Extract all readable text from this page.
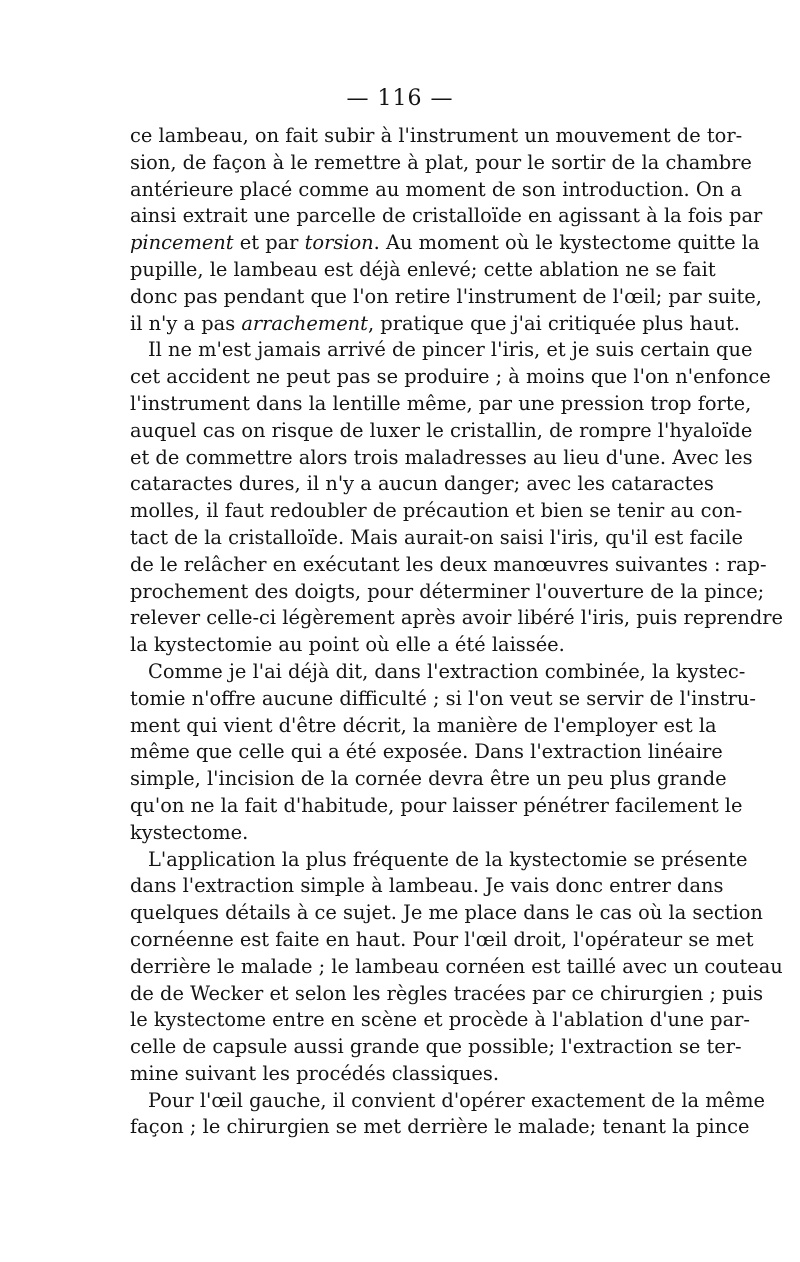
— 116 —
ce lambeau, on fait subir à l'instrument un mouvement de tor-
sion, de façon à le remettre à plat, pour le sortir de la chambre
antérieure placé comme au moment de son introduction. On a
ainsi extrait une parcelle de cristalloïde en agissant à la fois par
pincement et par torsion. Au moment où le kystectome quitte la
pupille, le lambeau est déjà enlevé; cette ablation ne se fait
donc pas pendant que l'on retire l'instrument de l'œil; par suite,
il n'y a pas arrachement, pratique que j'ai critiquée plus haut.
Il ne m'est jamais arrivé de pincer l'iris, et je suis certain que
cet accident ne peut pas se produire ; à moins que l'on n'enfonce
l'instrument dans la lentille même, par une pression trop forte,
auquel cas on risque de luxer le cristallin, de rompre l'hyaloïde
et de commettre alors trois maladresses au lieu d'une. Avec les
cataractes dures, il n'y a aucun danger; avec les cataractes
molles, il faut redoubler de précaution et bien se tenir au con-
tact de la cristalloïde. Mais aurait-on saisi l'iris, qu'il est facile
de le relâcher en exécutant les deux manœuvres suivantes : rap-
prochement des doigts, pour déterminer l'ouverture de la pince;
relever celle-ci légèrement après avoir libéré l'iris, puis reprendre
la kystectomie au point où elle a été laissée.
Comme je l'ai déjà dit, dans l'extraction combinée, la kystec-
tomie n'offre aucune difficulté ; si l'on veut se servir de l'instru-
ment qui vient d'être décrit, la manière de l'employer est la
même que celle qui a été exposée. Dans l'extraction linéaire
simple, l'incision de la cornée devra être un peu plus grande
qu'on ne la fait d'habitude, pour laisser pénétrer facilement le
kystectome.
L'application la plus fréquente de la kystectomie se présente
dans l'extraction simple à lambeau. Je vais donc entrer dans
quelques détails à ce sujet. Je me place dans le cas où la section
cornéenne est faite en haut. Pour l'œil droit, l'opérateur se met
derrière le malade ; le lambeau cornéen est taillé avec un couteau
de de Wecker et selon les règles tracées par ce chirurgien ; puis
le kystectome entre en scène et procède à l'ablation d'une par-
celle de capsule aussi grande que possible; l'extraction se ter-
mine suivant les procédés classiques.
Pour l'œil gauche, il convient d'opérer exactement de la même
façon ; le chirurgien se met derrière le malade; tenant la pince
